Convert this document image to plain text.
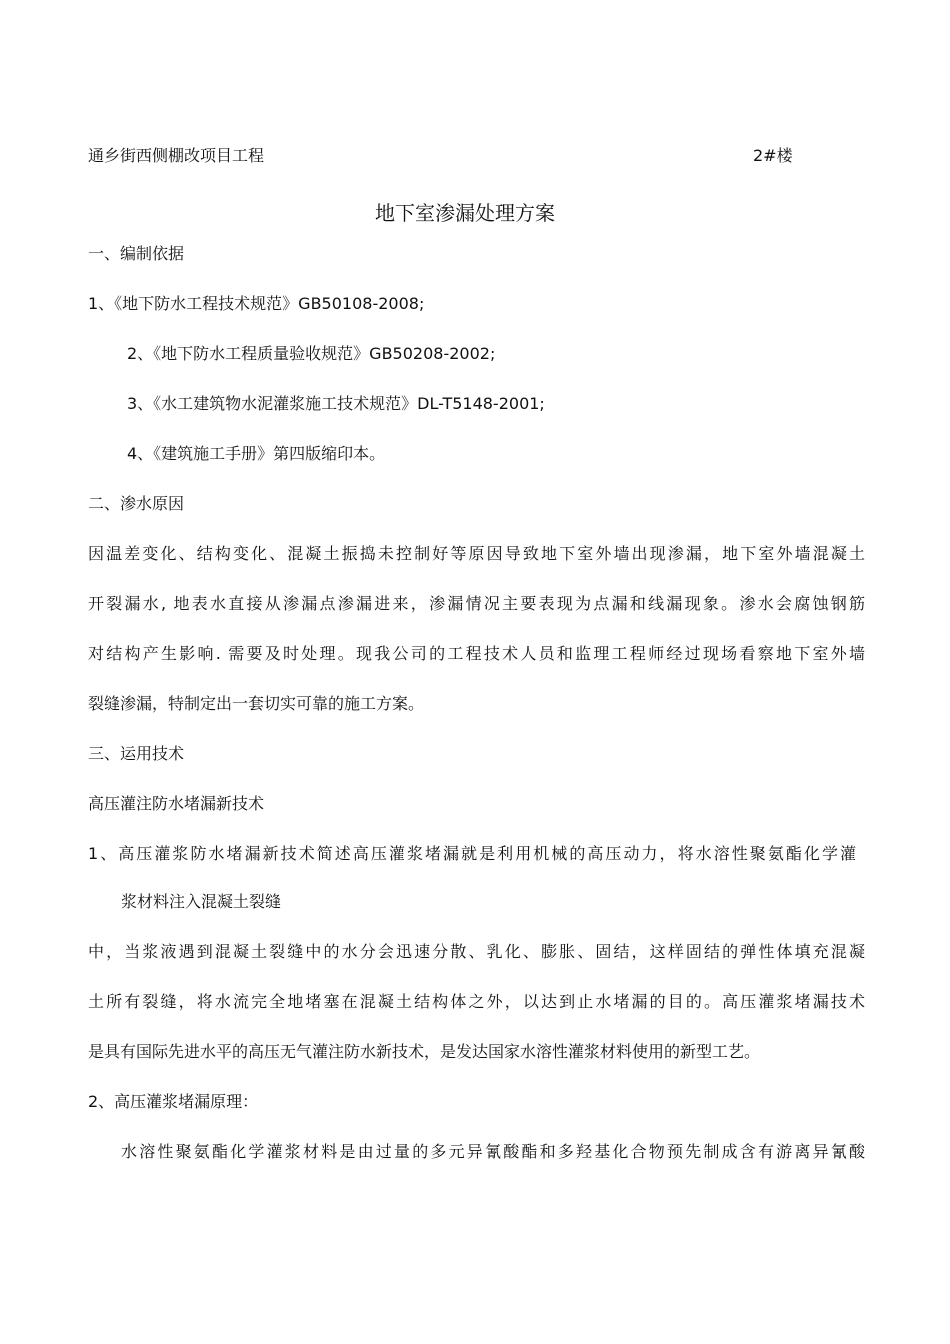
通乡街西侧棚改项目工程	2#楼
地下室渗漏处理方案
一、编制依据
1、《地下防水工程技术规范》GB50108-2008;
2、《地下防水工程质量验收规范》GB50208-2002;
3、《水工建筑物水泥灌浆施工技术规范》DL-T5148-2001;
4、《建筑施工手册》第四版缩印本。
二、渗水原因
因温差变化、结构变化、混凝土振捣未控制好等原因导致地下室外墙出现渗漏，地下室外墙混凝土
开裂漏水, 地表水直接从渗漏点渗漏进来，渗漏情况主要表现为点漏和线漏现象。渗水会腐蚀钢筋
对结构产生影响. 需要及时处理。现我公司的工程技术人员和监理工程师经过现场看察地下室外墙
裂缝渗漏，特制定出一套切实可靠的施工方案。
三、运用技术
高压灌注防水堵漏新技术
1、高压灌浆防水堵漏新技术简述高压灌浆堵漏就是利用机械的高压动力，将水溶性聚氨酯化学灌
浆材料注入混凝土裂缝
中，当浆液遇到混凝土裂缝中的水分会迅速分散、乳化、膨胀、固结，这样固结的弹性体填充混凝
土所有裂缝，将水流完全地堵塞在混凝土结构体之外，以达到止水堵漏的目的。高压灌浆堵漏技术
是具有国际先进水平的高压无气灌注防水新技术，是发达国家水溶性灌浆材料使用的新型工艺。
2、高压灌浆堵漏原理：
水溶性聚氨酯化学灌浆材料是由过量的多元异氰酸酯和多羟基化合物预先制成含有游离异氰酸
